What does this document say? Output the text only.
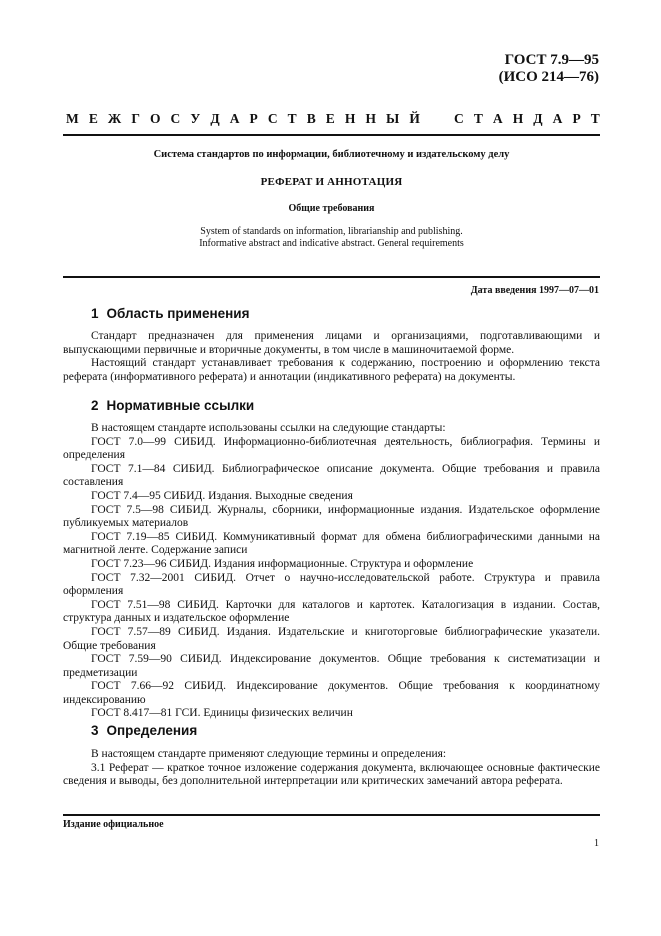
ГОСТ 7.9—95
(ИСО 214—76)
М Е Ж Г О С У Д А Р С Т В Е Н Н Ы Й	С Т А Н Д А Р Т
Система стандартов по информации, библиотечному и издательскому делу
РЕФЕРАТ И АННОТАЦИЯ
Общие требования
System of standards on information, librarianship and publishing.
Informative abstract and indicative abstract. General requirements
Дата введения 1997—07—01
1 Область применения

Стандарт предназначен для применения лицами и организациями, подготавливающими и выпускающими первичные и вторичные документы, в том числе в машиночитаемой форме.

Настоящий стандарт устанавливает требования к содержанию, построению и оформлению текста реферата (информативного реферата) и аннотации (индикативного реферата) на документы.

2 Нормативные ссылки

В настоящем стандарте использованы ссылки на следующие стандарты:

ГОСТ 7.0—99 СИБИД. Информационно-библиотечная деятельность, библиография. Термины и определения

ГОСТ 7.1—84 СИБИД. Библиографическое описание документа. Общие требования и правила составления

ГОСТ 7.4—95 СИБИД. Издания. Выходные сведения

ГОСТ 7.5—98 СИБИД. Журналы, сборники, информационные издания. Издательское оформление публикуемых материалов

ГОСТ 7.19—85 СИБИД. Коммуникативный формат для обмена библиографическими данными на магнитной ленте. Содержание записи

ГОСТ 7.23—96 СИБИД. Издания информационные. Структура и оформление

ГОСТ 7.32—2001 СИБИД. Отчет о научно-исследовательской работе. Структура и правила оформления

ГОСТ 7.51—98 СИБИД. Карточки для каталогов и картотек. Каталогизация в издании. Состав, структура данных и издательское оформление

ГОСТ 7.57—89 СИБИД. Издания. Издательские и книготорговые библиографические указатели. Общие требования

ГОСТ 7.59—90 СИБИД. Индексирование документов. Общие требования к систематизации и предметизации

ГОСТ 7.66—92 СИБИД. Индексирование документов. Общие требования к координатному индексированию

ГОСТ 8.417—81 ГСИ. Единицы физических величин

3 Определения

В настоящем стандарте применяют следующие термины и определения:

3.1 Реферат — краткое точное изложение содержания документа, включающее основные фактические сведения и выводы, без дополнительной интерпретации или критических замечаний автора реферата.

Издание официальное
1
